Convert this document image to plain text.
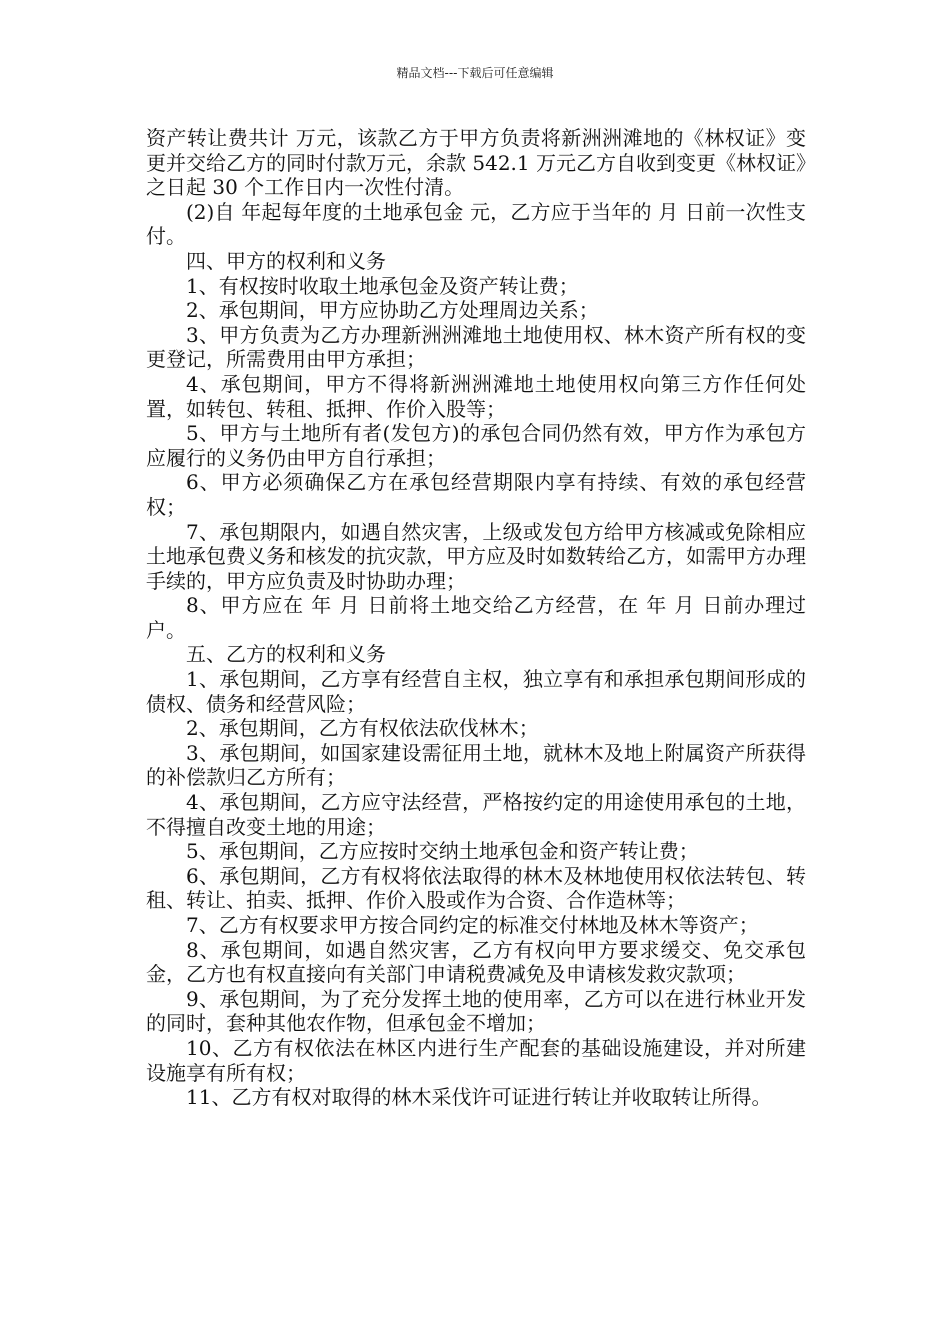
精品文档---下载后可任意编辑

资产转让费共计 万元，该款乙方于甲方负责将新洲洲滩地的《林权证》变更并交给乙方的同时付款万元，余款 542.1 万元乙方自收到变更《林权证》之日起 30 个工作日内一次性付清。

(2)自 年起每年度的土地承包金 元，乙方应于当年的 月 日前一次性支付。

四、甲方的权利和义务

1、有权按时收取土地承包金及资产转让费；

2、承包期间，甲方应协助乙方处理周边关系；

3、甲方负责为乙方办理新洲洲滩地土地使用权、林木资产所有权的变更登记，所需费用由甲方承担；

4、承包期间，甲方不得将新洲洲滩地土地使用权向第三方作任何处置，如转包、转租、抵押、作价入股等；

5、甲方与土地所有者(发包方)的承包合同仍然有效，甲方作为承包方应履行的义务仍由甲方自行承担；

6、甲方必须确保乙方在承包经营期限内享有持续、有效的承包经营权；

7、承包期限内，如遇自然灾害，上级或发包方给甲方核减或免除相应土地承包费义务和核发的抗灾款，甲方应及时如数转给乙方，如需甲方办理手续的，甲方应负责及时协助办理；

8、甲方应在 年 月 日前将土地交给乙方经营，在 年 月 日前办理过户。

五、乙方的权利和义务

1、承包期间，乙方享有经营自主权，独立享有和承担承包期间形成的债权、债务和经营风险；

2、承包期间，乙方有权依法砍伐林木；

3、承包期间，如国家建设需征用土地，就林木及地上附属资产所获得的补偿款归乙方所有；

4、承包期间，乙方应守法经营，严格按约定的用途使用承包的土地，不得擅自改变土地的用途；

5、承包期间，乙方应按时交纳土地承包金和资产转让费；

6、承包期间，乙方有权将依法取得的林木及林地使用权依法转包、转租、转让、拍卖、抵押、作价入股或作为合资、合作造林等；

7、乙方有权要求甲方按合同约定的标准交付林地及林木等资产；

8、承包期间，如遇自然灾害，乙方有权向甲方要求缓交、免交承包金，乙方也有权直接向有关部门申请税费减免及申请核发救灾款项；

9、承包期间，为了充分发挥土地的使用率，乙方可以在进行林业开发的同时，套种其他农作物，但承包金不增加；

10、乙方有权依法在林区内进行生产配套的基础设施建设，并对所建设施享有所有权；

11、乙方有权对取得的林木采伐许可证进行转让并收取转让所得。
